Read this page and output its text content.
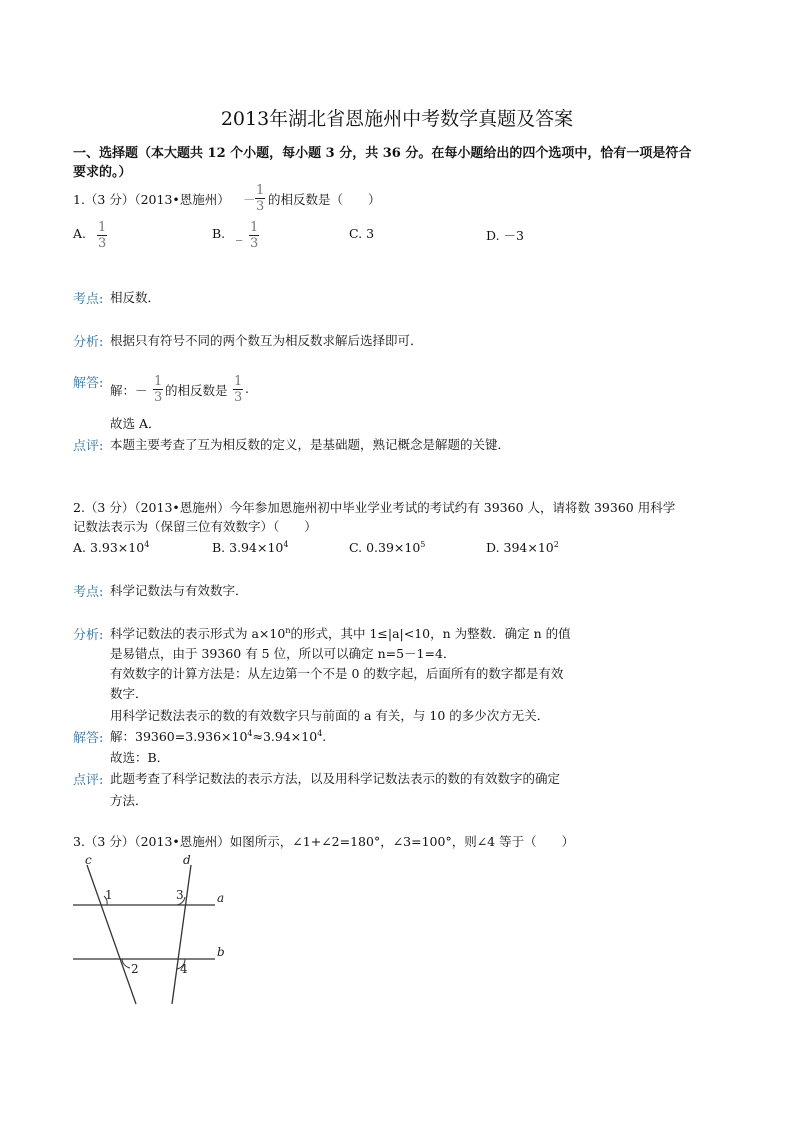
2013年湖北省恩施州中考数学真题及答案
一、选择题（本大题共 12 个小题，每小题 3 分，共 36 分。在每小题给出的四个选项中，恰有一项是符合
要求的。）
1.（3 分）（2013•恩施州） － $\frac{1}{3}$ 的相反数是（　　）
A. $\frac{1}{3}$	B. _ $\frac{1}{3}$	C. 3	D. －3
考点: 相反数．
分析: 根据只有符号不同的两个数互为相反数求解后选择即可．
解答: 解：－ $\frac{1}{3}$ 的相反数是 $\frac{1}{3}$ .
故选 A．
点评: 本题主要考查了互为相反数的定义，是基础题，熟记概念是解题的关键．
2.（3 分）（2013•恩施州）今年参加恩施州初中毕业学业考试的考试约有 39360 人，请将数 39360 用科学
记数法表示为（保留三位有效数字）（　　）
A. $3.93\times 10^4$	B. $3.94\times 10^4$	C. $0.39\times 10^5$	D. $394\times 10^2$
考点: 科学记数法与有效数字．
分析: 科学记数法的表示形式为 $a\times 10^n$的形式，其中 1≤|a|<10，n 为整数．确定 n 的值
是易错点，由于 39360 有 5 位，所以可以确定 n=5－1=4．
有效数字的计算方法是：从左边第一个不是 0 的数字起，后面所有的数字都是有效
数字．
用科学记数法表示的数的有效数字只与前面的 a 有关，与 10 的多少次方无关．
解答: 解：$39360=3.936\times 10^4\approx 3.94\times 10^4$.
故选：B．
点评: 此题考查了科学记数法的表示方法，以及用科学记数法表示的数的有效数字的确定
方法．
3.（3 分）（2013•恩施州）如图所示，∠1+∠2=180°，∠3=100°，则∠4 等于（　　）
c	d
a
b
1	3
2	4
